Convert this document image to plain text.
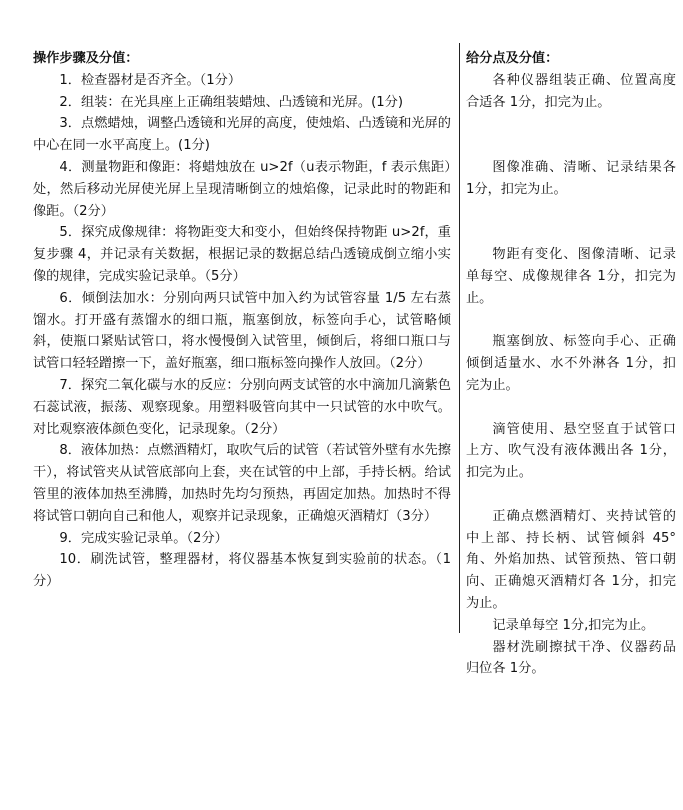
操作步骤及分值：

1．检查器材是否齐全。（1分）

2．组装：在光具座上正确组装蜡烛、凸透镜和光屏。(1分)

3．点燃蜡烛，调整凸透镜和光屏的高度，使烛焰、凸透镜和光屏的中心在同一水平高度上。(1分)

4．测量物距和像距：将蜡烛放在 u>2f（u表示物距，f 表示焦距）处，然后移动光屏使光屏上呈现清晰倒立的烛焰像，记录此时的物距和像距。（2分）

5．探究成像规律：将物距变大和变小，但始终保持物距 u>2f，重复步骤 4，并记录有关数据，根据记录的数据总结凸透镜成倒立缩小实像的规律，完成实验记录单。（5分）

6．倾倒法加水：分别向两只试管中加入约为试管容量 1/5 左右蒸馏水。打开盛有蒸馏水的细口瓶，瓶塞倒放，标签向手心，试管略倾斜，使瓶口紧贴试管口，将水慢慢倒入试管里，倾倒后，将细口瓶口与试管口轻轻蹭擦一下，盖好瓶塞，细口瓶标签向操作人放回。（2分）

7．探究二氧化碳与水的反应：分别向两支试管的水中滴加几滴紫色石蕊试液，振荡、观察现象。用塑料吸管向其中一只试管的水中吹气。对比观察液体颜色变化，记录现象。（2分）

8．液体加热：点燃酒精灯，取吹气后的试管（若试管外壁有水先擦干），将试管夹从试管底部向上套，夹在试管的中上部，手持长柄。给试管里的液体加热至沸腾，加热时先均匀预热，再固定加热。加热时不得将试管口朝向自己和他人，观察并记录现象，正确熄灭酒精灯（3分）

9．完成实验记录单。（2分）

10．刷洗试管，整理器材，将仪器基本恢复到实验前的状态。（1分）

给分点及分值：

各种仪器组装正确、位置高度合适各 1分，扣完为止。

图像准确、清晰、记录结果各 1分，扣完为止。

物距有变化、图像清晰、记录单每空、成像规律各 1分，扣完为止。

瓶塞倒放、标签向手心、正确倾倒适量水、水不外淋各 1分，扣完为止。

滴管使用、悬空竖直于试管口上方、吹气没有液体溅出各 1分，扣完为止。

正确点燃酒精灯、夹持试管的中上部、持长柄、试管倾斜 45°角、外焰加热、试管预热、管口朝向、正确熄灭酒精灯各 1分，扣完为止。

记录单每空 1分,扣完为止。

器材洗刷擦拭干净、仪器药品归位各 1分。
